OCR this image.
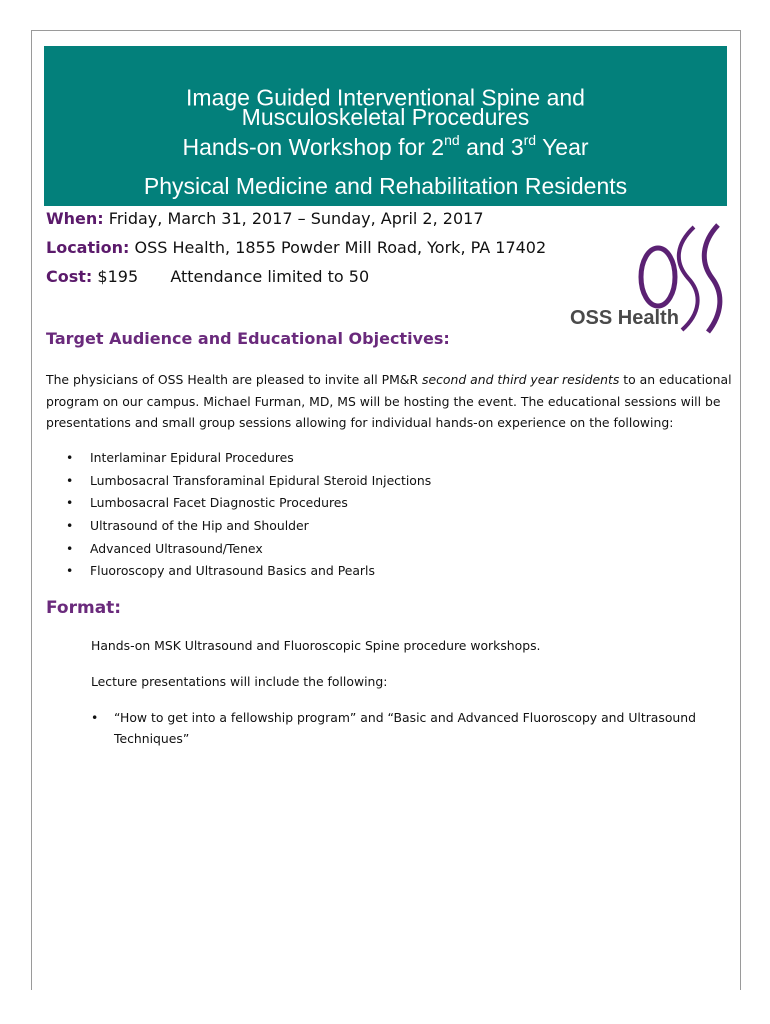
Image Guided Interventional Spine and
Musculoskeletal Procedures
Hands-on Workshop for 2nd and 3rd Year
Physical Medicine and Rehabilitation Residents
When: Friday, March 31, 2017 – Sunday, April 2, 2017
Location: OSS Health, 1855 Powder Mill Road, York, PA 17402
Cost: $195 Attendance limited to 50
OSS Health
Target Audience and Educational Objectives:
The physicians of OSS Health are pleased to invite all PM&R second and third year residents to an educational program on our campus. Michael Furman, MD, MS will be hosting the event. The educational sessions will be presentations and small group sessions allowing for individual hands-on experience on the following:
• Interlaminar Epidural Procedures
• Lumbosacral Transforaminal Epidural Steroid Injections
• Lumbosacral Facet Diagnostic Procedures
• Ultrasound of the Hip and Shoulder
• Advanced Ultrasound/Tenex
• Fluoroscopy and Ultrasound Basics and Pearls
Format:
Hands-on MSK Ultrasound and Fluoroscopic Spine procedure workshops.
Lecture presentations will include the following:
•	“How to get into a fellowship program” and “Basic and Advanced Fluoroscopy and Ultrasound Techniques”
